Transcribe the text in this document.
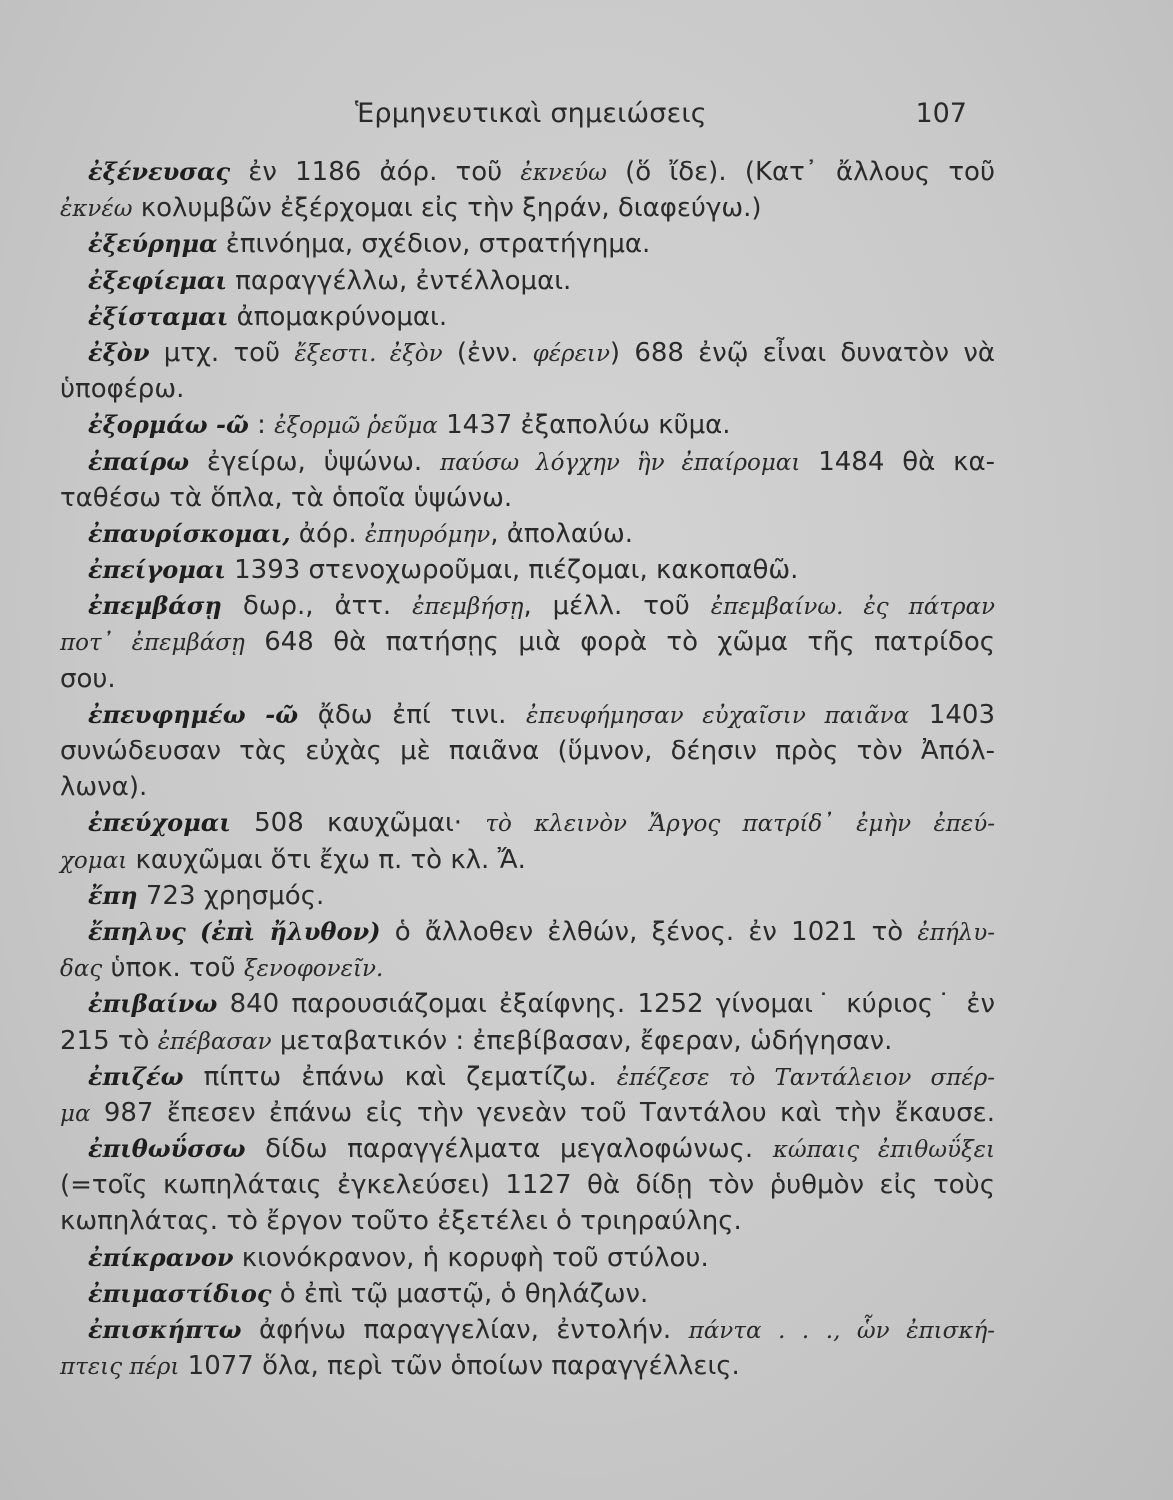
Ἑρμηνευτικαὶ σημειώσεις	107
ἐξένευσας ἐν 1186 ἀόρ. τοῦ ἐκνεύω (ὅ ἴδε). (Κατ᾽ ἄλλους τοῦ
ἐκνέω κολυμβῶν ἐξέρχομαι εἰς τὴν ξηράν, διαφεύγω.)
ἐξεύρημα ἐπινόημα, σχέδιον, στρατήγημα.
ἐξεφίεμαι παραγγέλλω, ἐντέλλομαι.
ἐξίσταμαι ἀπομακρύνομαι.
ἐξὸν μτχ. τοῦ ἔξεστι. ἐξὸν (ἐνν. φέρειν) 688 ἐνῷ εἶναι δυνατὸν νὰ
ὑποφέρω.
ἐξορμάω -ῶ : ἐξορμῶ ῥεῦμα 1437 ἐξαπολύω κῦμα.
ἐπαίρω ἐγείρω, ὑψώνω. παύσω λόγχην ἣν ἐπαίρομαι 1484 θὰ κα-
ταθέσω τὰ ὅπλα, τὰ ὁποῖα ὑψώνω.
ἐπαυρίσκομαι, ἀόρ. ἐπηυρόμην, ἀπολαύω.
ἐπείγομαι 1393 στενοχωροῦμαι, πιέζομαι, κακοπαθῶ.
ἐπεμβάσῃ δωρ., ἀττ. ἐπεμβήσῃ, μέλλ. τοῦ ἐπεμβαίνω. ἐς πάτραν
ποτ᾽ ἐπεμβάσῃ 648 θὰ πατήσῃς μιὰ φορὰ τὸ χῶμα τῆς πατρίδος
σου.
ἐπευφημέω -ῶ ᾄδω ἐπί τινι. ἐπευφήμησαν εὐχαῖσιν παιᾶνα 1403
συνώδευσαν τὰς εὐχὰς μὲ παιᾶνα (ὕμνον, δέησιν πρὸς τὸν Ἀπόλ-
λωνα).
ἐπεύχομαι 508 καυχῶμαι· τὸ κλεινὸν Ἄργος πατρίδ᾽ ἐμὴν ἐπεύ-
χομαι καυχῶμαι ὅτι ἔχω π. τὸ κλ. Ἄ.
ἔπη 723 χρησμός.
ἔπηλυς (ἐπὶ ἤλυθον) ὁ ἄλλοθεν ἐλθών, ξένος. ἐν 1021 τὸ ἐπήλυ-
δας ὑποκ. τοῦ ξενοφονεῖν.
ἐπιβαίνω 840 παρουσιάζομαι ἐξαίφνης. 1252 γίνομαι˙ κύριος˙ ἐν
215 τὸ ἐπέβασαν μεταβατικόν : ἐπεβίβασαν, ἔφεραν, ὡδήγησαν.
ἐπιζέω πίπτω ἐπάνω καὶ ζεματίζω. ἐπέζεσε τὸ Ταντάλειον σπέρ-
μα 987 ἔπεσεν ἐπάνω εἰς τὴν γενεὰν τοῦ Ταντάλου καὶ τὴν ἔκαυσε.
ἐπιθωΰσσω δίδω παραγγέλματα μεγαλοφώνως. κώπαις ἐπιθωΰξει
(=τοῖς κωπηλάταις ἐγκελεύσει) 1127 θὰ δίδῃ τὸν ῥυθμὸν εἰς τοὺς
κωπηλάτας. τὸ ἔργον τοῦτο ἐξετέλει ὁ τριηραύλης.
ἐπίκρανον κιονόκρανον, ἡ κορυφὴ τοῦ στύλου.
ἐπιμαστίδιος ὁ ἐπὶ τῷ μαστῷ, ὁ θηλάζων.
ἐπισκήπτω ἀφήνω παραγγελίαν, ἐντολήν. πάντα . . ., ὧν ἐπισκή-
πτεις πέρι 1077 ὅλα, περὶ τῶν ὁποίων παραγγέλλεις.
